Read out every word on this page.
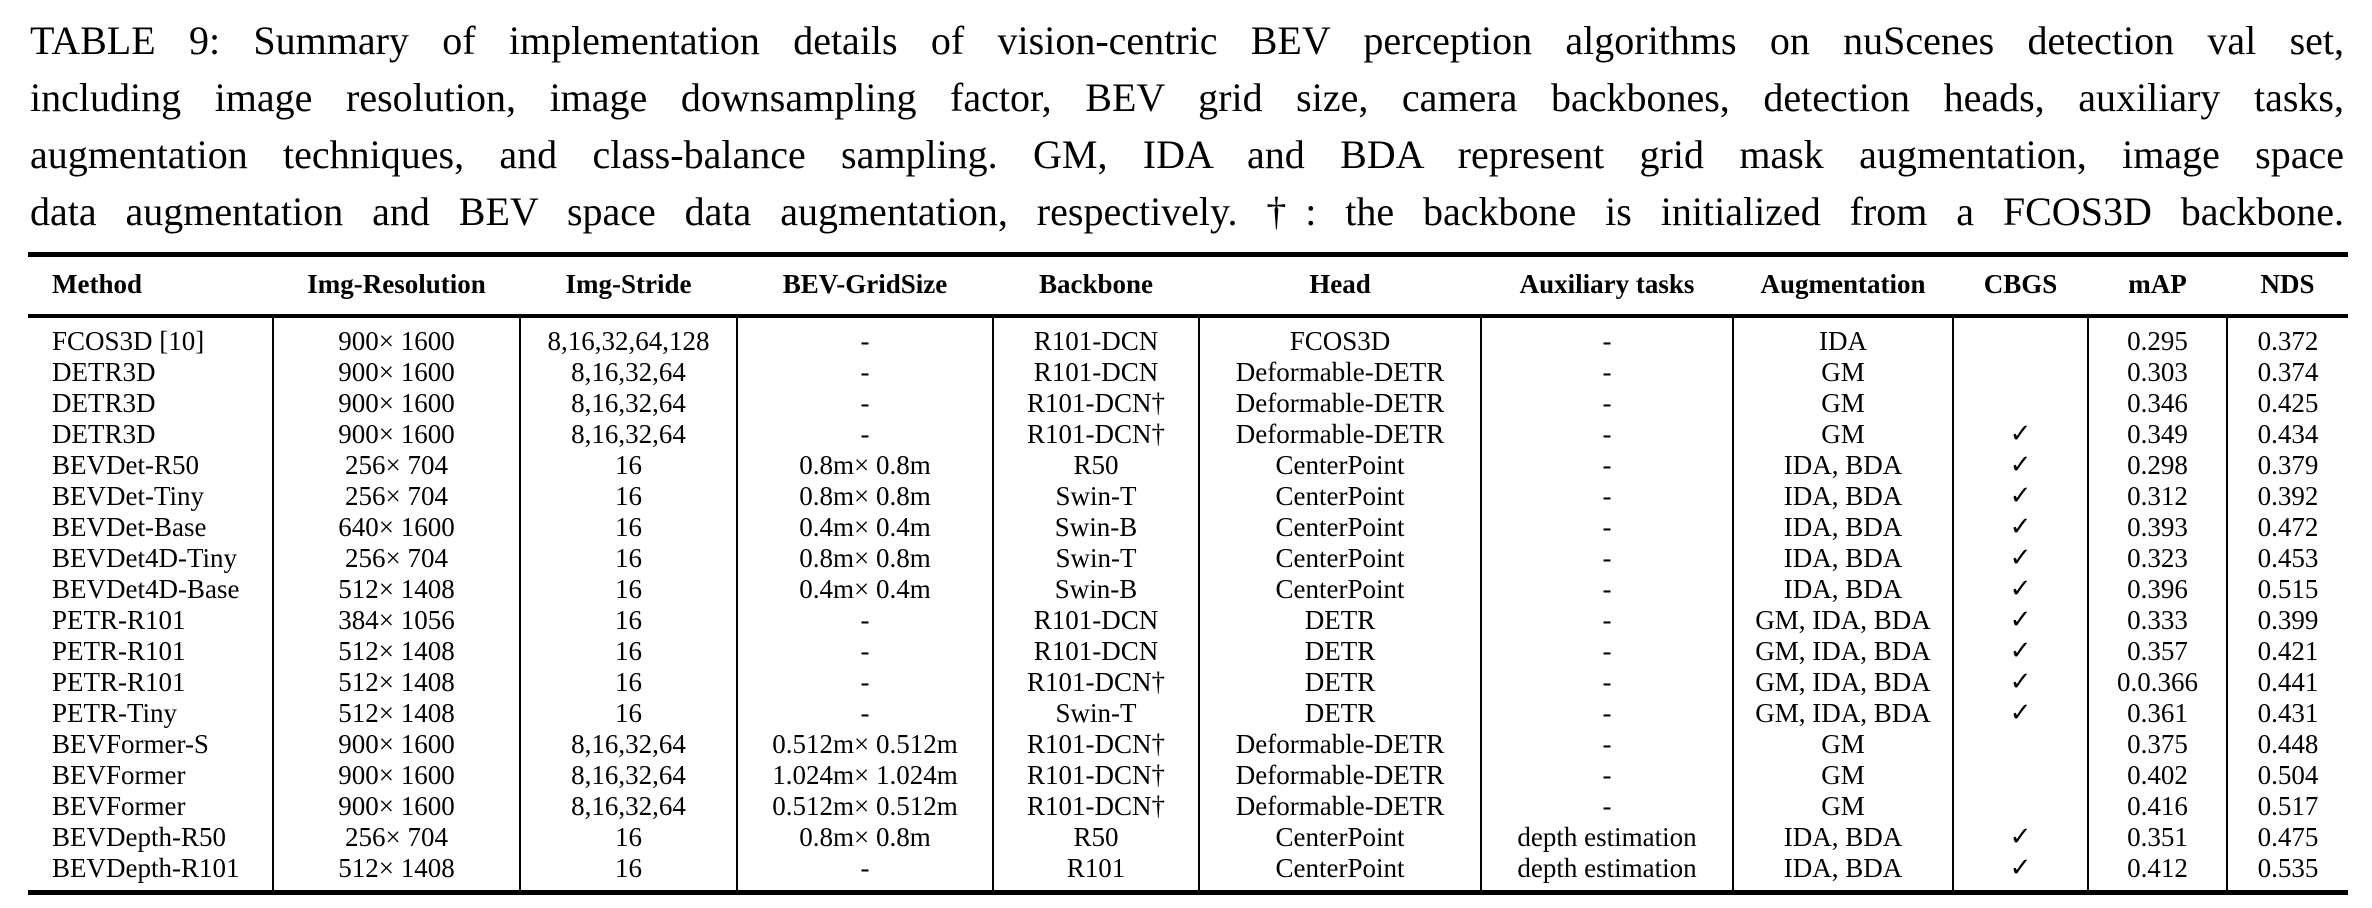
TABLE 9: Summary of implementation details of vision-centric BEV perception algorithms on nuScenes detection val set,
including image resolution, image downsampling factor, BEV grid size, camera backbones, detection heads, auxiliary tasks,
augmentation techniques, and class-balance sampling. GM, IDA and BDA represent grid mask augmentation, image space
data augmentation and BEV space data augmentation, respectively. †: the backbone is initialized from a FCOS3D backbone.
Method	Img-Resolution	Img-Stride	BEV-GridSize	Backbone	Head	Auxiliary tasks	Augmentation	CBGS	mAP	NDS
FCOS3D [10]	900× 1600	8,16,32,64,128	-	R101-DCN	FCOS3D	-	IDA		0.295	0.372
DETR3D	900× 1600	8,16,32,64	-	R101-DCN	Deformable-DETR	-	GM		0.303	0.374
DETR3D	900× 1600	8,16,32,64	-	R101-DCN†	Deformable-DETR	-	GM		0.346	0.425
DETR3D	900× 1600	8,16,32,64	-	R101-DCN†	Deformable-DETR	-	GM	✓	0.349	0.434
BEVDet-R50	256× 704	16	0.8m× 0.8m	R50	CenterPoint	-	IDA, BDA	✓	0.298	0.379
BEVDet-Tiny	256× 704	16	0.8m× 0.8m	Swin-T	CenterPoint	-	IDA, BDA	✓	0.312	0.392
BEVDet-Base	640× 1600	16	0.4m× 0.4m	Swin-B	CenterPoint	-	IDA, BDA	✓	0.393	0.472
BEVDet4D-Tiny	256× 704	16	0.8m× 0.8m	Swin-T	CenterPoint	-	IDA, BDA	✓	0.323	0.453
BEVDet4D-Base	512× 1408	16	0.4m× 0.4m	Swin-B	CenterPoint	-	IDA, BDA	✓	0.396	0.515
PETR-R101	384× 1056	16	-	R101-DCN	DETR	-	GM, IDA, BDA	✓	0.333	0.399
PETR-R101	512× 1408	16	-	R101-DCN	DETR	-	GM, IDA, BDA	✓	0.357	0.421
PETR-R101	512× 1408	16	-	R101-DCN†	DETR	-	GM, IDA, BDA	✓	0.0.366	0.441
PETR-Tiny	512× 1408	16	-	Swin-T	DETR	-	GM, IDA, BDA	✓	0.361	0.431
BEVFormer-S	900× 1600	8,16,32,64	0.512m× 0.512m	R101-DCN†	Deformable-DETR	-	GM		0.375	0.448
BEVFormer	900× 1600	8,16,32,64	1.024m× 1.024m	R101-DCN†	Deformable-DETR	-	GM		0.402	0.504
BEVFormer	900× 1600	8,16,32,64	0.512m× 0.512m	R101-DCN†	Deformable-DETR	-	GM		0.416	0.517
BEVDepth-R50	256× 704	16	0.8m× 0.8m	R50	CenterPoint	depth estimation	IDA, BDA	✓	0.351	0.475
BEVDepth-R101	512× 1408	16	-	R101	CenterPoint	depth estimation	IDA, BDA	✓	0.412	0.535
